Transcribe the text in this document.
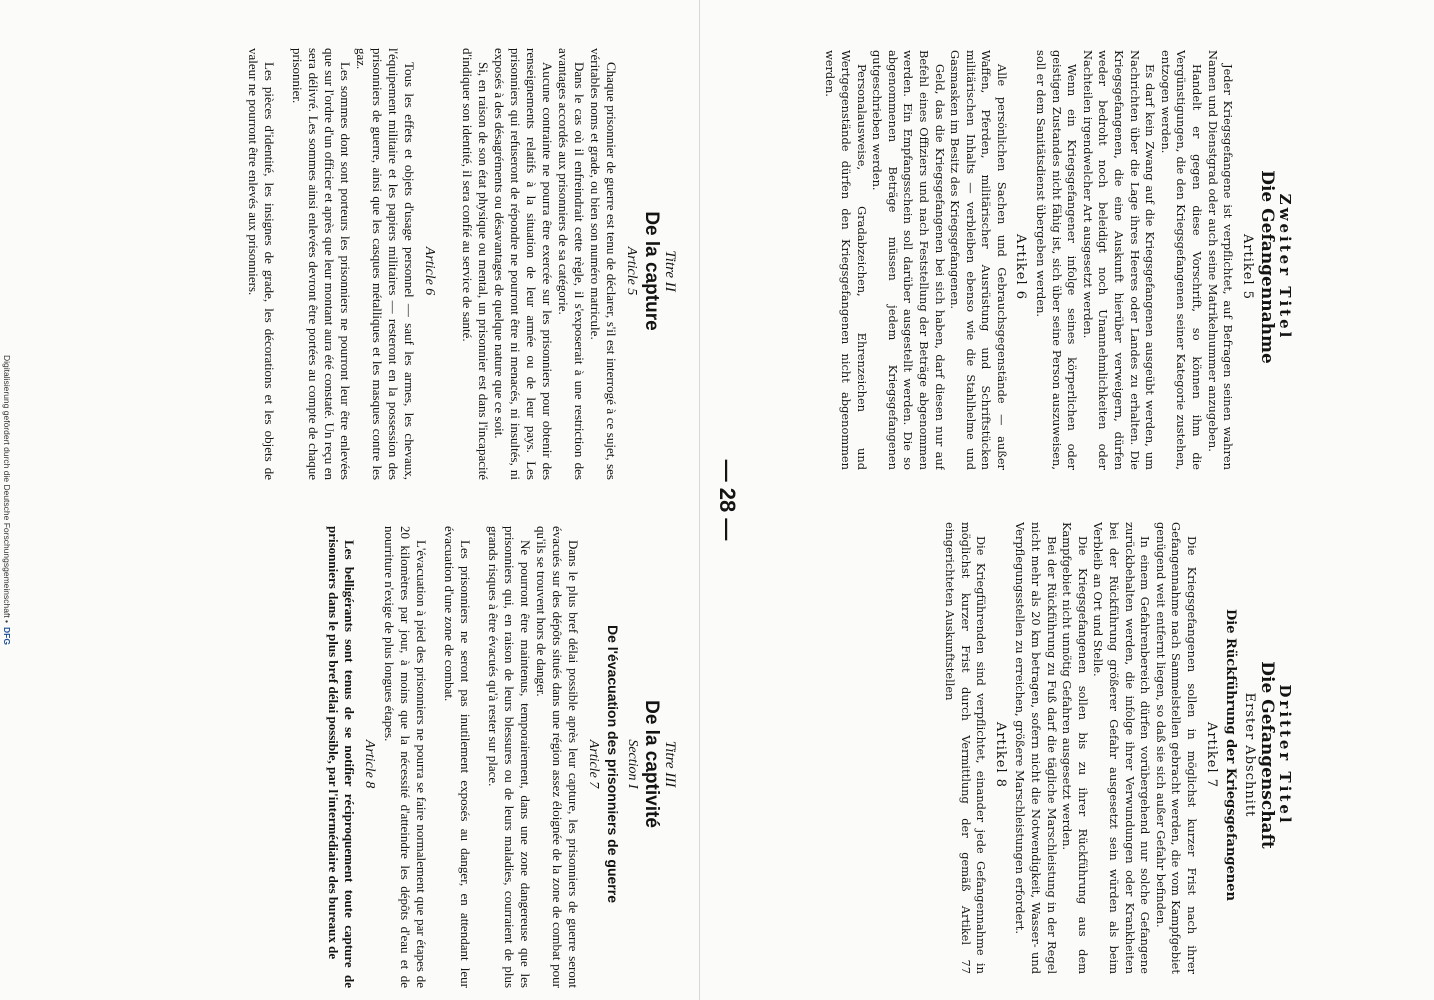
— 28 —
Digitalisierung gefördert durch die Deutsche Forschungsgemeinschaft •DFG

Zweiter Titel

Die Gefangennahme

Artikel 5

Jeder Kriegsgefangene ist verpflichtet, auf Befragen seinen wahren Namen und Dienstgrad oder auch seine Matrikelnummer anzugeben.

Handelt er gegen diese Vorschrift, so können ihm die Vergünstigungen, die den Kriegsgefangenen seiner Kategorie zustehen, entzogen werden.

Es darf kein Zwang auf die Kriegsgefangenen ausgeübt werden, um Nachrichten über die Lage ihres Heeres oder Landes zu erhalten. Die Kriegsgefangenen, die eine Auskunft hierüber verweigern, dürfen weder bedroht noch beleidigt noch Unannehmlichkeiten oder Nachteilen irgendwelcher Art ausgesetzt werden.

Wenn ein Kriegsgefangener infolge seines körperlichen oder geistigen Zustandes nicht fähig ist, sich über seine Person auszuweisen, soll er dem Sanitätsdienst übergeben werden.

Artikel 6

Alle persönlichen Sachen und Gebrauchsgegenstände — außer Waffen, Pferden, militärischer Ausrüstung und Schriftstücken militärischen Inhalts — verbleiben ebenso wie die Stahlhelme und Gasmasken im Besitz des Kriegsgefangenen.

Geld, das die Kriegsgefangenen bei sich haben, darf diesen nur auf Befehl eines Offiziers und nach Feststellung der Beträge abgenommen werden. Ein Empfangsschein soll darüber ausgestellt werden. Die so abgenommenen Beträge müssen jedem Kriegsgefangenen gutgeschrieben werden.

Personalausweise, Gradabzeichen, Ehrenzeichen und Wertgegenstände dürfen den Kriegsgefangenen nicht abgenommen werden.

Dritter Titel

Die Gefangenschaft

Erster Abschnitt

Die Rückführung der Kriegsgefangenen

Artikel 7

Die Kriegsgefangenen sollen in möglichst kurzer Frist nach ihrer Gefangennahme nach Sammelstellen gebracht werden, die vom Kampfgebiet genügend weit entfernt liegen, so daß sie sich außer Gefahr befinden.

In einem Gefahrenbereich dürfen vorübergehend nur solche Gefangene zurückbehalten werden, die infolge ihrer Verwundungen oder Krankheiten bei der Rückführung größerer Gefahr ausgesetzt sein würden als beim Verbleib an Ort und Stelle.

Die Kriegsgefangenen sollen bis zu ihrer Rückführung aus dem Kampfgebiet nicht unnötig Gefahren ausgesetzt werden.

Bei der Rückführung zu Fuß darf die tägliche Marschleistung in der Regel nicht mehr als 20 km betragen, sofern nicht die Notwendigkeit, Wasser- und Verpflegungsstellen zu erreichen, größere Marschleistungen erfordert.

Artikel 8

Die Kriegführenden sind verpflichtet, einander jede Gefangennahme in möglichst kurzer Frist durch Vermittlung der gemäß Artikel 77 eingerichteten Auskunftstellen

Titre II

De la capture

Article 5

Chaque prisonnier de guerre est tenu de déclarer, s'il est interrogé à ce sujet, ses véritables noms et grade, ou bien son numéro matricule.

Dans le cas où il enfreindrait cette règle, il s'exposerait à une restriction des avantages accordés aux prisonniers de sa catégorie.

Aucune contrainte ne pourra être exercée sur les prisonniers pour obtenir des renseignements relatifs à la situation de leur armée ou de leur pays. Les prisonniers qui refuseront de répondre ne pourront être ni menacés, ni insultés, ni exposés à des désagréments ou désavantages de quelque nature que ce soit.

Si, en raison de son état physique ou mental, un prisonnier est dans l'incapacité d'indiquer son identité, il sera confié au service de santé.

Article 6

Tous les effets et objets d'usage personnel — sauf les armes, les chevaux, l'équipement militaire et les papiers militaires — resteront en la possession des prisonniers de guerre, ainsi que les casques métalliques et les masques contre les gaz.

Les sommes dont sont porteurs les prisonniers ne pourront leur être enlevées que sur l'ordre d'un officier et après que leur montant aura été constaté. Un reçu en sera délivré. Les sommes ainsi enlevées devront être portées au compte de chaque prisonnier.

Les pièces d'identité, les insignes de grade, les décorations et les objets de valeur ne pourront être enlevés aux prisonniers.

Titre III

De la captivité

Section I

De l'évacuation des prisonniers de guerre

Article 7

Dans le plus bref délai possible après leur capture, les prisonniers de guerre seront évacués sur des dépôts situés dans une région assez éloignée de la zone de combat pour qu'ils se trouvent hors de danger.

Ne pourront être maintenus, temporairement, dans une zone dangereuse que les prisonniers qui, en raison de leurs blessures ou de leurs maladies, courraient de plus grands risques à être évacués qu'à rester sur place.

Les prisonniers ne seront pas inutilement exposés au danger, en attendant leur évacuation d'une zone de combat.

L'évacuation à pied des prisonniers ne pourra se faire normalement que par étapes de 20 kilomètres par jour, à moins que la nécessité d'atteindre les dépôts d'eau et de nourriture n'exige de plus longues étapes.

Article 8

Les belligérants sont tenus de se notifier réciproquement toute capture de prisonniers dans le plus bref délai possible, par l'intermédiaire des bureaux de
